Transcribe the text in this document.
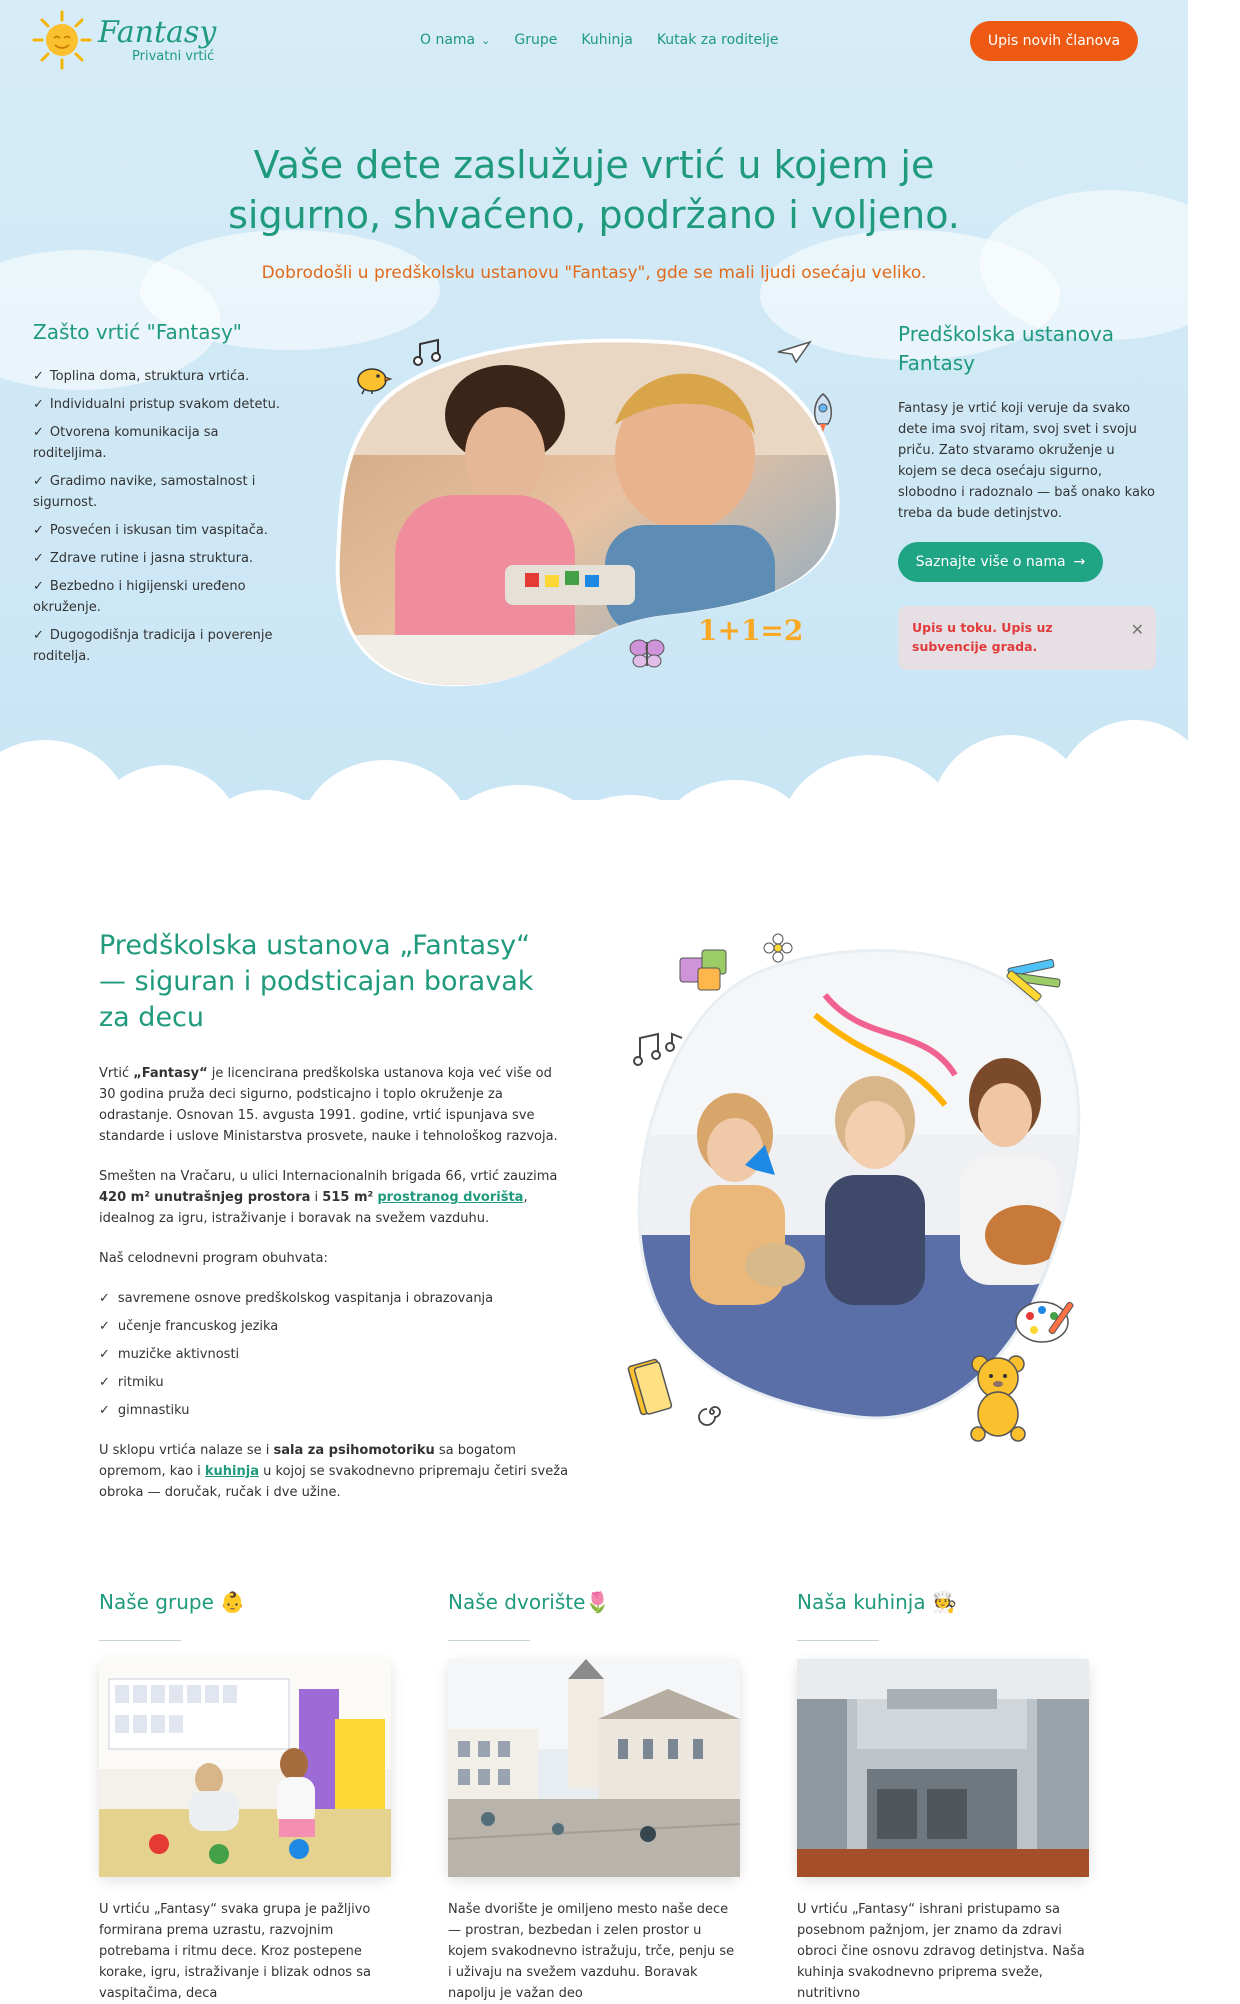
Fantasy
Privatni vrtić
O nama ⌄ Grupe Kuhinja Kutak za roditelje	Upis novih članova
Vaše dete zaslužuje vrtić u kojem je
sigurno, shvaćeno, podržano i voljeno.
Dobrodošli u predškolsku ustanovu "Fantasy", gde se mali ljudi osećaju veliko.
Zašto vrtić "Fantasy"
✓ Toplina doma, struktura vrtića.
✓ Individualni pristup svakom detetu.
✓ Otvorena komunikacija sa roditeljima.
✓ Gradimo navike, samostalnost i sigurnost.
✓ Posvećen i iskusan tim vaspitača.
✓ Zdrave rutine i jasna struktura.
✓ Bezbedno i higijenski uređeno okruženje.
✓ Dugogodišnja tradicija i poverenje roditelja.
1+1=2
Predškolska ustanova Fantasy

Fantasy je vrtić koji veruje da svako dete ima svoj ritam, svoj svet i svoju priču. Zato stvaramo okruženje u kojem se deca osećaju sigurno, slobodno i radoznalo — baš onako kako treba da bude detinjstvo.

Saznajte više o nama →
Upis u toku. Upis uz subvencije grada.
✕
Predškolska ustanova „Fantasy“ — siguran i podsticajan boravak za decu

Vrtić „Fantasy“ je licencirana predškolska ustanova koja već više od 30 godina pruža deci sigurno, podsticajno i toplo okruženje za odrastanje. Osnovan 15. avgusta 1991. godine, vrtić ispunjava sve standarde i uslove Ministarstva prosvete, nauke i tehnološkog razvoja.

Smešten na Vračaru, u ulici Internacionalnih brigada 66, vrtić zauzima 420 m² unutrašnjeg prostora i 515 m² prostranog dvorišta, idealnog za igru, istraživanje i boravak na svežem vazduhu.

Naš celodnevni program obuhvata:

✓ savremene osnove predškolskog vaspitanja i obrazovanja
✓ učenje francuskog jezika
✓ muzičke aktivnosti
✓ ritmiku
✓ gimnastiku

U sklopu vrtića nalaze se i sala za psihomotoriku sa bogatom opremom, kao i kuhinja u kojoj se svakodnevno pripremaju četiri sveža obroka — doručak, ručak i dve užine.

Naše grupe 👶

U vrtiću „Fantasy“ svaka grupa je pažljivo formirana prema uzrastu, razvojnim potrebama i ritmu dece. Kroz postepene korake, igru, istraživanje i blizak odnos sa vaspitačima, deca

Naše dvorište🌷

Naše dvorište je omiljeno mesto naše dece — prostran, bezbedan i zelen prostor u kojem svakodnevno istražuju, trče, penju se i uživaju na svežem vazduhu. Boravak napolju je važan deo

Naša kuhinja 🧑‍🍳

U vrtiću „Fantasy“ ishrani pristupamo sa posebnom pažnjom, jer znamo da zdravi obroci čine osnovu zdravog detinjstva. Naša kuhinja svakodnevno priprema sveže, nutritivno
